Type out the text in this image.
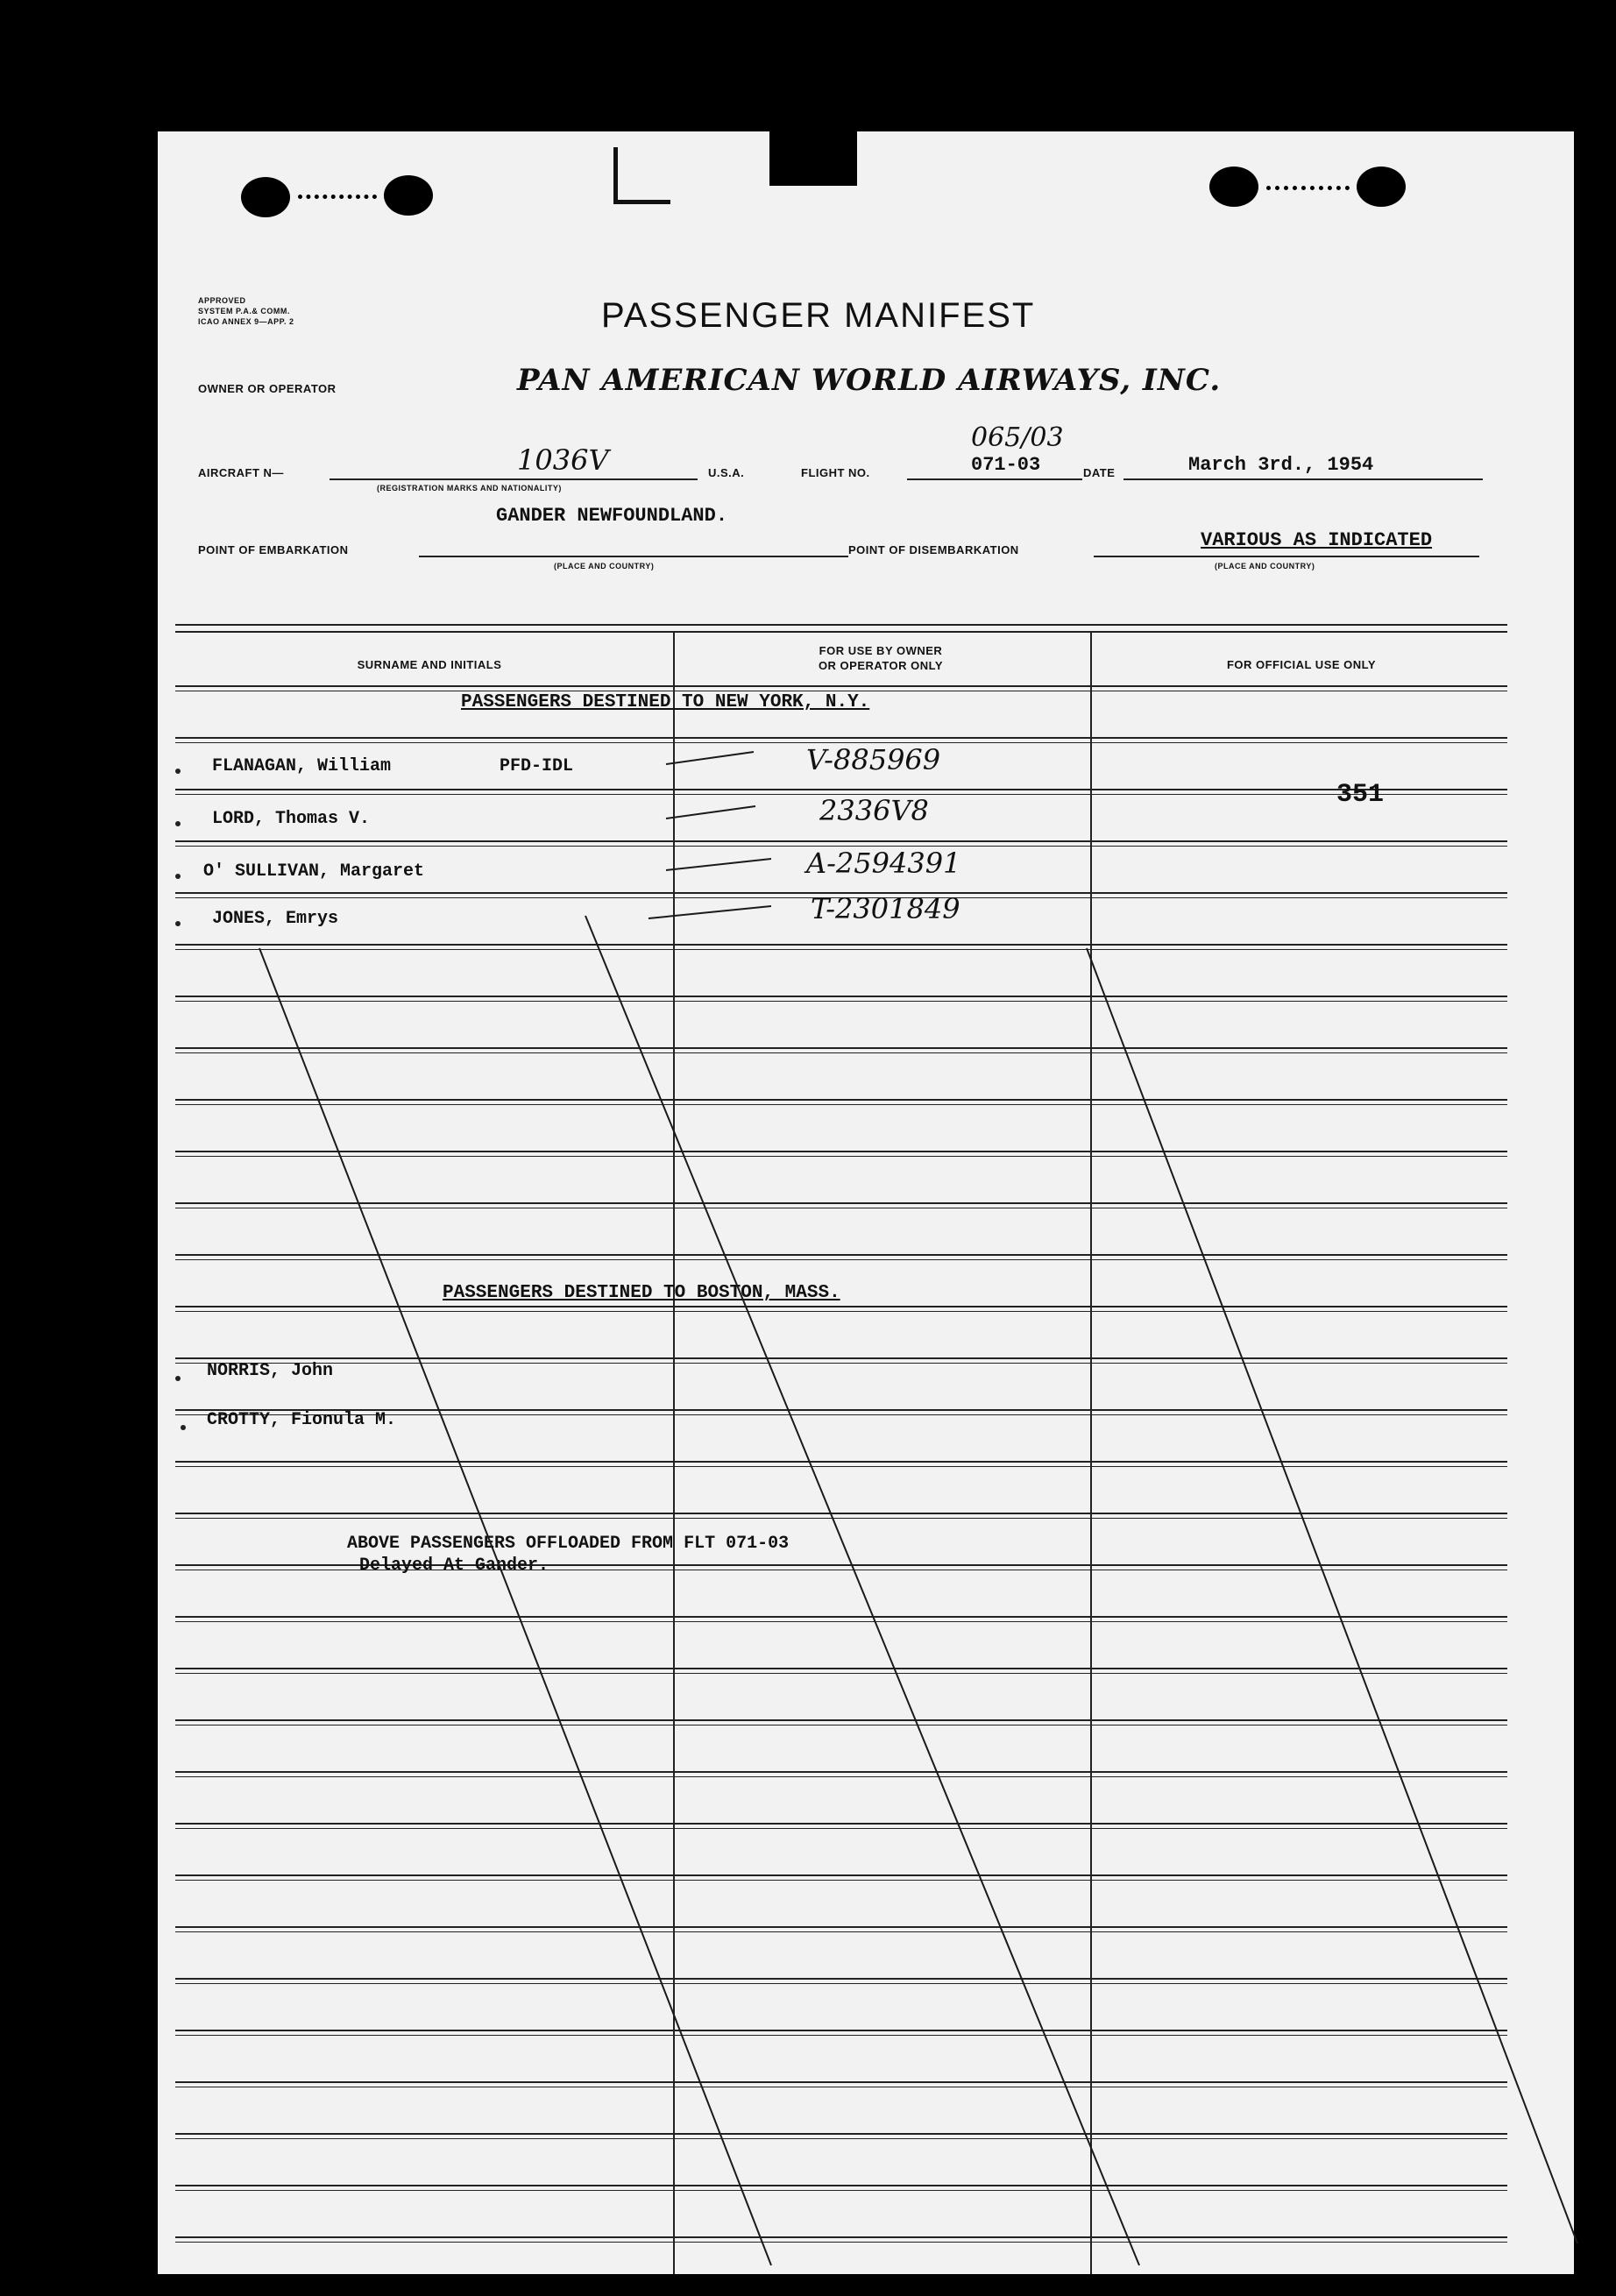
APPROVED
SYSTEM P.A.& COMM.
ICAO ANNEX 9—APP. 2	PASSENGER MANIFEST
OWNER OR OPERATOR	PAN AMERICAN WORLD AIRWAYS, INC.
AIRCRAFT N—	1036V
(REGISTRATION MARKS AND NATIONALITY)
U.S.A.	FLIGHT NO.
065/03
071-03	DATE	March 3rd., 1954
GANDER NEWFOUNDLAND.
POINT OF EMBARKATION
(PLACE AND COUNTRY)
POINT OF DISEMBARKATION	VARIOUS AS INDICATED
(PLACE AND COUNTRY)
SURNAME AND INITIALS
FOR USE BY OWNER
OR OPERATOR ONLY	FOR OFFICIAL USE ONLY
PASSENGERS DESTINED TO NEW YORK, N.Y.
FLANAGAN, William	PFD-IDL	V-885969
LORD, Thomas V.	2336V8	351
O' SULLIVAN, Margaret	A-2594391
JONES, Emrys	T-2301849
PASSENGERS DESTINED TO BOSTON, MASS.
NORRIS, John
CROTTY, Fionula M.
ABOVE PASSENGERS OFFLOADED FROM FLT 071-03
Delayed At Gander.
